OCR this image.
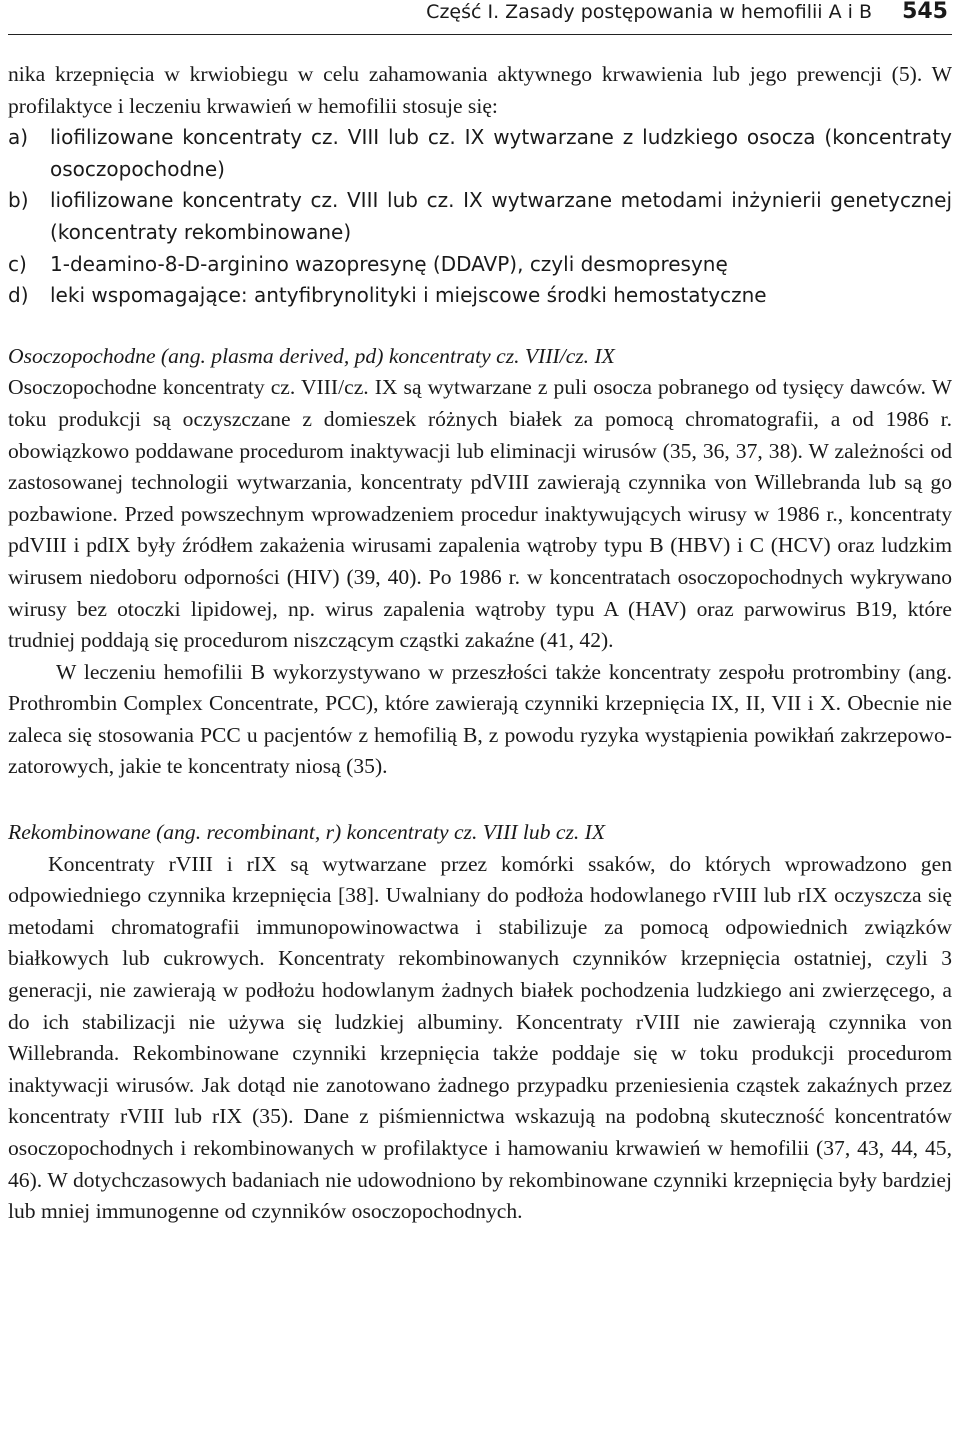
Część I. Zasady postępowania w hemofilii A i B 545

nika krzepnięcia w krwiobiegu w celu zahamowania aktywnego krwawienia lub jego prewencji (5). W profilaktyce i leczeniu krwawień w hemofilii stosuje się:

a)	liofilizowane koncentraty cz. VIII lub cz. IX wytwarzane z ludzkiego osocza (koncentraty osoczopochodne)
b)	liofilizowane koncentraty cz. VIII lub cz. IX wytwarzane metodami inżynierii genetycznej (koncentraty rekombinowane)
c)	1-deamino-8-D-arginino wazopresynę (DDAVP), czyli desmopresynę
d)	leki wspomagające: antyfibrynolityki i miejscowe środki hemostatyczne

Osoczopochodne (ang. plasma derived, pd) koncentraty cz. VIII/cz. IX

Osoczopochodne koncentraty cz. VIII/cz. IX są wytwarzane z puli osocza pobranego od tysięcy dawców. W toku produkcji są oczyszczane z domieszek różnych białek za pomocą chromatografii, a od 1986 r. obowiązkowo poddawane procedurom inaktywacji lub eliminacji wirusów (35, 36, 37, 38). W zależności od zastosowanej technologii wytwarzania, koncentraty pdVIII zawierają czynnika von Willebranda lub są go pozbawione. Przed powszechnym wprowadzeniem procedur inaktywujących wirusy w 1986 r., koncentraty pdVIII i pdIX były źródłem zakażenia wirusami zapalenia wątroby typu B (HBV) i C (HCV) oraz ludzkim wirusem niedoboru odporności (HIV) (39, 40). Po 1986 r. w koncentratach osoczopochodnych wykrywano wirusy bez otoczki lipidowej, np. wirus zapalenia wątroby typu A (HAV) oraz parwowirus B19, które trudniej poddają się procedurom niszczącym cząstki zakaźne (41, 42).

W leczeniu hemofilii B wykorzystywano w przeszłości także koncentraty zespołu protrombiny (ang. Prothrombin Complex Concentrate, PCC), które zawierają czynniki krzepnięcia IX, II, VII i X. Obecnie nie zaleca się stosowania PCC u pacjentów z hemofilią B, z powodu ryzyka wystąpienia powikłań zakrzepowo-zatorowych, jakie te koncentraty niosą (35).

Rekombinowane (ang. recombinant, r) koncentraty cz. VIII lub cz. IX

Koncentraty rVIII i rIX są wytwarzane przez komórki ssaków, do których wprowadzono gen odpowiedniego czynnika krzepnięcia [38]. Uwalniany do podłoża hodowlanego rVIII lub rIX oczyszcza się metodami chromatografii immunopowinowactwa i stabilizuje za pomocą odpowiednich związków białkowych lub cukrowych. Koncentraty rekombinowanych czynników krzepnięcia ostatniej, czyli 3 generacji, nie zawierają w podłożu hodowlanym żadnych białek pochodzenia ludzkiego ani zwierzęcego, a do ich stabilizacji nie używa się ludzkiej albuminy. Koncentraty rVIII nie zawierają czynnika von Willebranda. Rekombinowane czynniki krzepnięcia także poddaje się w toku produkcji procedurom inaktywacji wirusów. Jak dotąd nie zanotowano żadnego przypadku przeniesienia cząstek zakaźnych przez koncentraty rVIII lub rIX (35). Dane z piśmiennictwa wskazują na podobną skuteczność koncentratów osoczopochodnych i rekombinowanych w profilaktyce i hamowaniu krwawień w hemofilii (37, 43, 44, 45, 46). W dotychczasowych badaniach nie udowodniono by rekombinowane czynniki krzepnięcia były bardziej lub mniej immunogenne od czynników osoczopochodnych.
